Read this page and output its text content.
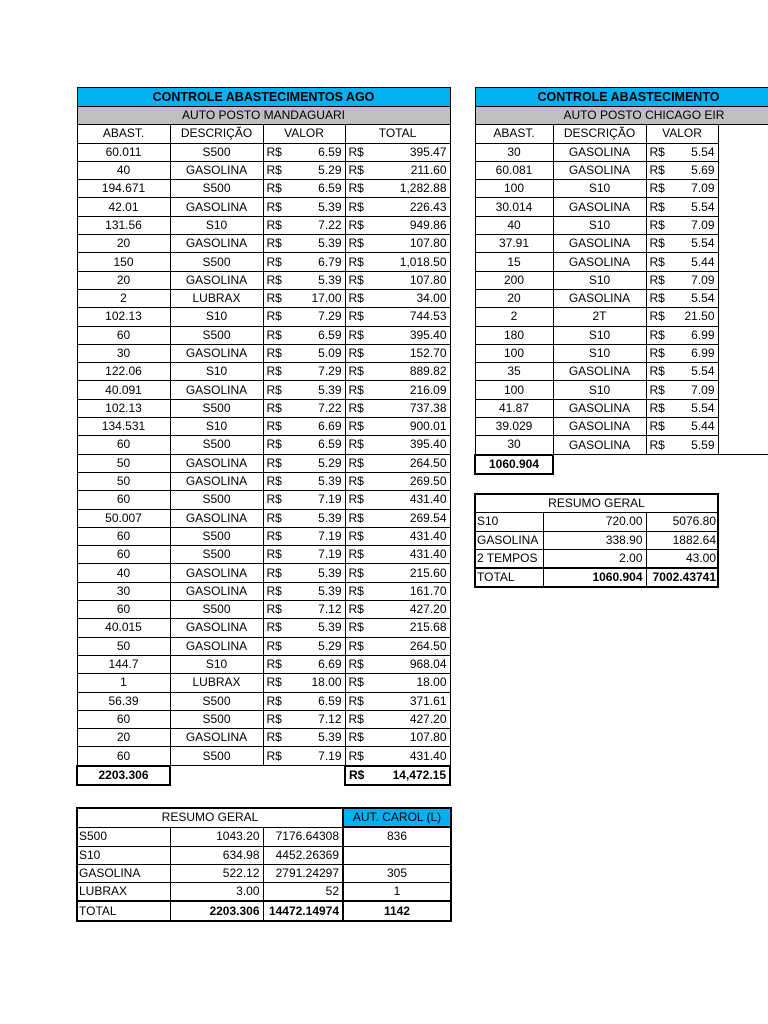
CONTROLE ABASTECIMENTOS AGO					
AUTO POSTO MANDAGUARI					
ABAST.	DESCRIÇÃO	VALOR		TOTAL	
60.011	S500	R$	6.59	R$	395.47
40	GASOLINA	R$	5.29	R$	211.60
194.671	S500	R$	6.59	R$	1,282.88
42.01	GASOLINA	R$	5.39	R$	226.43
131.56	S10	R$	7.22	R$	949.86
20	GASOLINA	R$	5.39	R$	107.80
150	S500	R$	6.79	R$	1,018.50
20	GASOLINA	R$	5.39	R$	107.80
2	LUBRAX	R$	17.00	R$	34.00
102.13	S10	R$	7.29	R$	744.53
60	S500	R$	6.59	R$	395.40
30	GASOLINA	R$	5.09	R$	152.70
122.06	S10	R$	7.29	R$	889.82
40.091	GASOLINA	R$	5.39	R$	216.09
102.13	S500	R$	7.22	R$	737.38
134.531	S10	R$	6.69	R$	900.01
60	S500	R$	6.59	R$	395.40
50	GASOLINA	R$	5.29	R$	264.50
50	GASOLINA	R$	5.39	R$	269.50
60	S500	R$	7.19	R$	431.40
50.007	GASOLINA	R$	5.39	R$	269.54
60	S500	R$	7.19	R$	431.40
60	S500	R$	7.19	R$	431.40
40	GASOLINA	R$	5.39	R$	215.60
30	GASOLINA	R$	5.39	R$	161.70
60	S500	R$	7.12	R$	427.20
40.015	GASOLINA	R$	5.39	R$	215.68
50	GASOLINA	R$	5.29	R$	264.50
144.7	S10	R$	6.69	R$	968.04
1	LUBRAX	R$	18.00	R$	18.00
56.39	S500	R$	6.59	R$	371.61
60	S500	R$	7.12	R$	427.20
20	GASOLINA	R$	5.39	R$	107.80
60	S500	R$	7.19	R$	431.40
2203.306				R$	14,472.15
CONTROLE ABASTECIMENTO				
AUTO POSTO CHICAGO EIR				
ABAST.	DESCRIÇÃO	VALOR		
30	GASOLINA	R$	5.54	
60.081	GASOLINA	R$	5.69	
100	S10	R$	7.09	
30.014	GASOLINA	R$	5.54	
40	S10	R$	7.09	
37.91	GASOLINA	R$	5.54	
15	GASOLINA	R$	5.44	
200	S10	R$	7.09	
20	GASOLINA	R$	5.54	
2	2T	R$	21.50	
180	S10	R$	6.99	
100	S10	R$	6.99	
35	GASOLINA	R$	5.54	
100	S10	R$	7.09	
41.87	GASOLINA	R$	5.54	
39.029	GASOLINA	R$	5.44	
30	GASOLINA	R$	5.59	
1060.904				
RESUMO GERAL		
S10	720.00	5076.80
GASOLINA	338.90	1882.64
2 TEMPOS	2.00	43.00
TOTAL	1060.904	7002.43741
RESUMO GERAL			AUT. CAROL (L)
S500	1043.20	7176.64308	836
S10	634.98	4452.26369	
GASOLINA	522.12	2791.24297	305
LUBRAX	3.00	52	1
TOTAL	2203.306	14472.14974	1142
